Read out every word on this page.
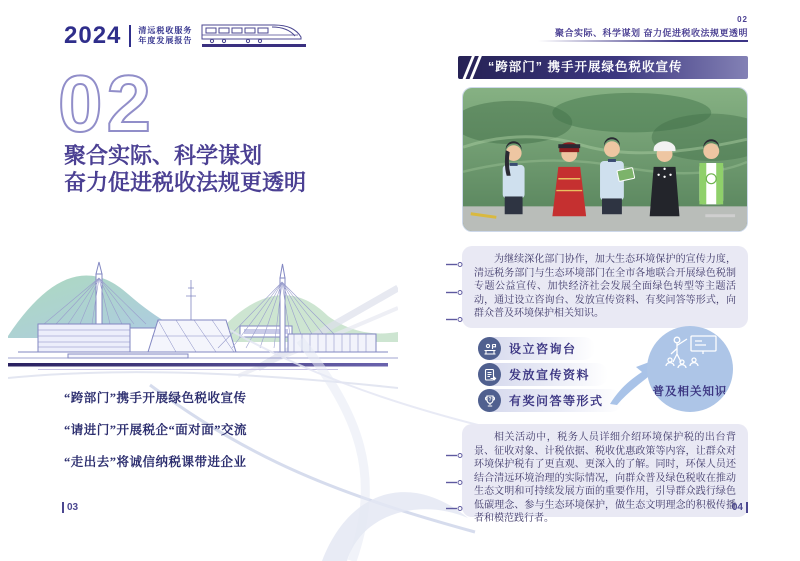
2024 清远税收服务
年度发展报告
02
聚合实际、科学谋划
奋力促进税收法规更透明
“跨部门”携手开展绿色税收宣传
“请进门”开展税企“面对面”交流
“走出去”将诚信纳税课带进企业
03
02
聚合实际、科学谋划 奋力促进税收法规更透明
“跨部门” 携手开展绿色税收宣传

为继续深化部门协作，加大生态环境保护的宣传力度，清远税务部门与生态环境部门在全市各地联合开展绿色税制专题公益宣传、加快经济社会发展全面绿色转型等主题活动，通过设立咨询台、发放宣传资料、有奖问答等形式，向群众普及环境保护相关知识。

设立咨询台
发放宣传资料
? 有奖问答等形式
普及相关知识

相关活动中，税务人员详细介绍环境保护税的出台背景、征收对象、计税依据、税收优惠政策等内容，让群众对环境保护税有了更直观、更深入的了解。同时，环保人员还结合清远环境治理的实际情况，向群众普及绿色税收在推动生态文明和可持续发展方面的重要作用，引导群众践行绿色低碳理念、参与生态环境保护，做生态文明理念的积极传播者和模范践行者。

04
